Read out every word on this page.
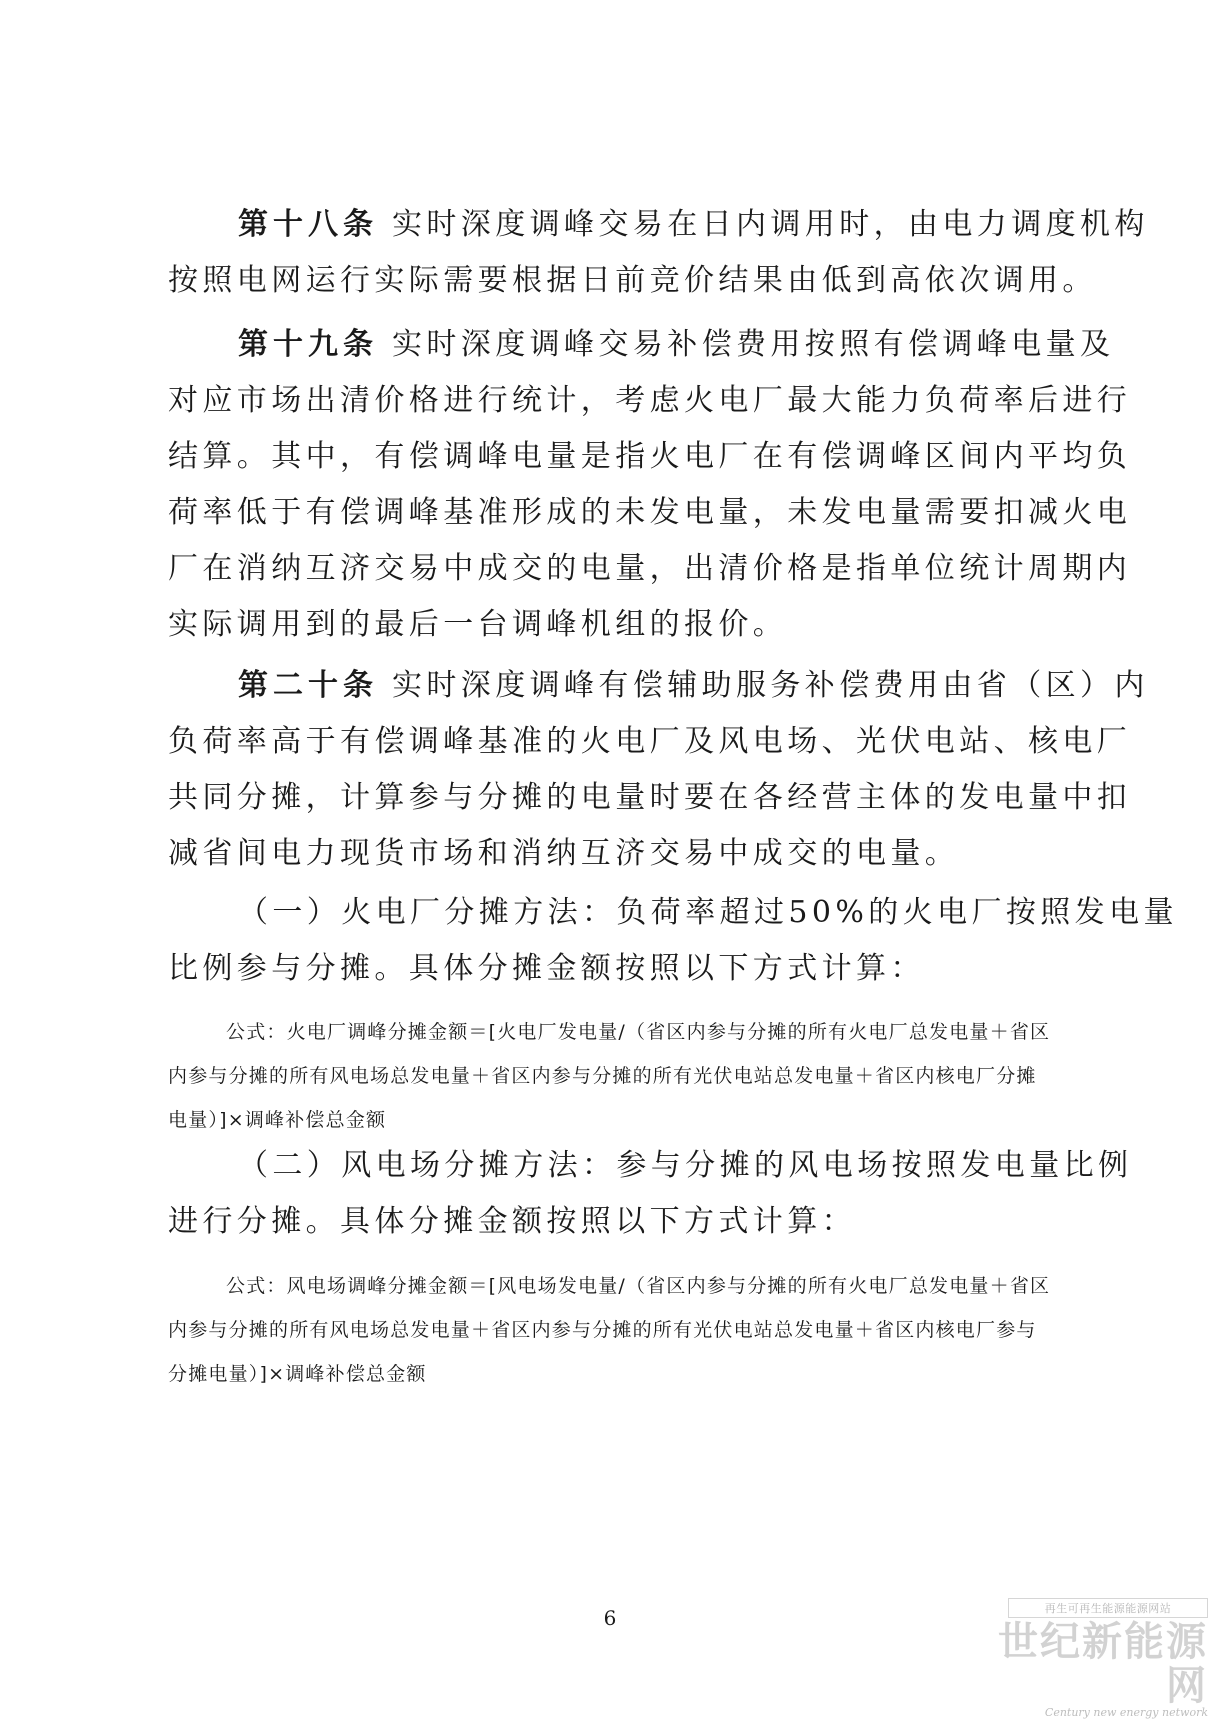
第十八条 实时深度调峰交易在日内调用时，由电力调度机构
按照电网运行实际需要根据日前竞价结果由低到高依次调用。
第十九条 实时深度调峰交易补偿费用按照有偿调峰电量及
对应市场出清价格进行统计，考虑火电厂最大能力负荷率后进行
结算。其中，有偿调峰电量是指火电厂在有偿调峰区间内平均负
荷率低于有偿调峰基准形成的未发电量，未发电量需要扣减火电
厂在消纳互济交易中成交的电量，出清价格是指单位统计周期内
实际调用到的最后一台调峰机组的报价。
第二十条 实时深度调峰有偿辅助服务补偿费用由省（区）内
负荷率高于有偿调峰基准的火电厂及风电场、光伏电站、核电厂
共同分摊，计算参与分摊的电量时要在各经营主体的发电量中扣
减省间电力现货市场和消纳互济交易中成交的电量。
（一）火电厂分摊方法：负荷率超过50%的火电厂按照发电量
比例参与分摊。具体分摊金额按照以下方式计算：
公式：火电厂调峰分摊金额＝[火电厂发电量/（省区内参与分摊的所有火电厂总发电量＋省区
内参与分摊的所有风电场总发电量＋省区内参与分摊的所有光伏电站总发电量＋省区内核电厂分摊
电量）]×调峰补偿总金额
（二）风电场分摊方法：参与分摊的风电场按照发电量比例
进行分摊。具体分摊金额按照以下方式计算：
公式：风电场调峰分摊金额＝[风电场发电量/（省区内参与分摊的所有火电厂总发电量＋省区
内参与分摊的所有风电场总发电量＋省区内参与分摊的所有光伏电站总发电量＋省区内核电厂参与
分摊电量）]×调峰补偿总金额
6	再生可再生能源能源网站
世纪新能源网
Century new energy network
